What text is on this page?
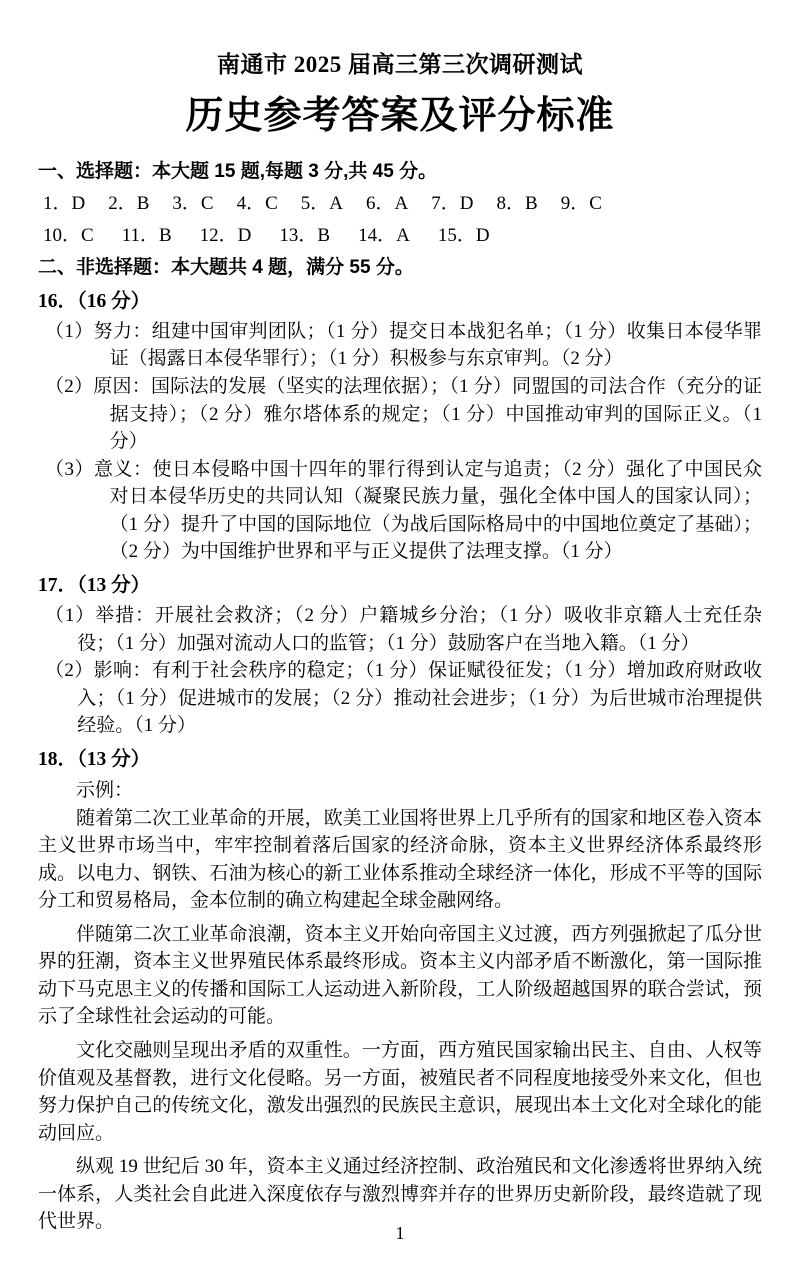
南通市 2025 届高三第三次调研测试
历史参考答案及评分标准

一、选择题：本大题 15 题,每题 3 分,共 45 分。

1．D 2．B 3．C 4．C 5．A 6．A 7．D 8．B 9．C
10．C 11．B 12．D 13．B 14．A 15．D

二、非选择题：本大题共 4 题，满分 55 分。

16．（16 分）

（1）努力：组建中国审判团队；（1 分）提交日本战犯名单；（1 分）收集日本侵华罪证（揭露日本侵华罪行）；（1 分）积极参与东京审判。（2 分）

（2）原因：国际法的发展（坚实的法理依据）；（1 分）同盟国的司法合作（充分的证据支持）；（2 分）雅尔塔体系的规定；（1 分）中国推动审判的国际正义。（1 分）

（3）意义：使日本侵略中国十四年的罪行得到认定与追责；（2 分）强化了中国民众对日本侵华历史的共同认知（凝聚民族力量，强化全体中国人的国家认同）；（1 分）提升了中国的国际地位（为战后国际格局中的中国地位奠定了基础）；（2 分）为中国维护世界和平与正义提供了法理支撑。（1 分）

17．（13 分）

（1）举措：开展社会救济；（2 分）户籍城乡分治；（1 分）吸收非京籍人士充任杂役；（1 分）加强对流动人口的监管；（1 分）鼓励客户在当地入籍。（1 分）

（2）影响：有利于社会秩序的稳定；（1 分）保证赋役征发；（1 分）增加政府财政收入；（1 分）促进城市的发展；（2 分）推动社会进步；（1 分）为后世城市治理提供经验。（1 分）

18．（13 分）

示例：

随着第二次工业革命的开展，欧美工业国将世界上几乎所有的国家和地区卷入资本主义世界市场当中，牢牢控制着落后国家的经济命脉，资本主义世界经济体系最终形成。以电力、钢铁、石油为核心的新工业体系推动全球经济一体化，形成不平等的国际分工和贸易格局，金本位制的确立构建起全球金融网络。

伴随第二次工业革命浪潮，资本主义开始向帝国主义过渡，西方列强掀起了瓜分世界的狂潮，资本主义世界殖民体系最终形成。资本主义内部矛盾不断激化，第一国际推动下马克思主义的传播和国际工人运动进入新阶段，工人阶级超越国界的联合尝试，预示了全球性社会运动的可能。

文化交融则呈现出矛盾的双重性。一方面，西方殖民国家输出民主、自由、人权等价值观及基督教，进行文化侵略。另一方面，被殖民者不同程度地接受外来文化，但也努力保护自己的传统文化，激发出强烈的民族民主意识，展现出本土文化对全球化的能动回应。

纵观 19 世纪后 30 年，资本主义通过经济控制、政治殖民和文化渗透将世界纳入统一体系，人类社会自此进入深度依存与激烈博弈并存的世界历史新阶段，最终造就了现代世界。

1
